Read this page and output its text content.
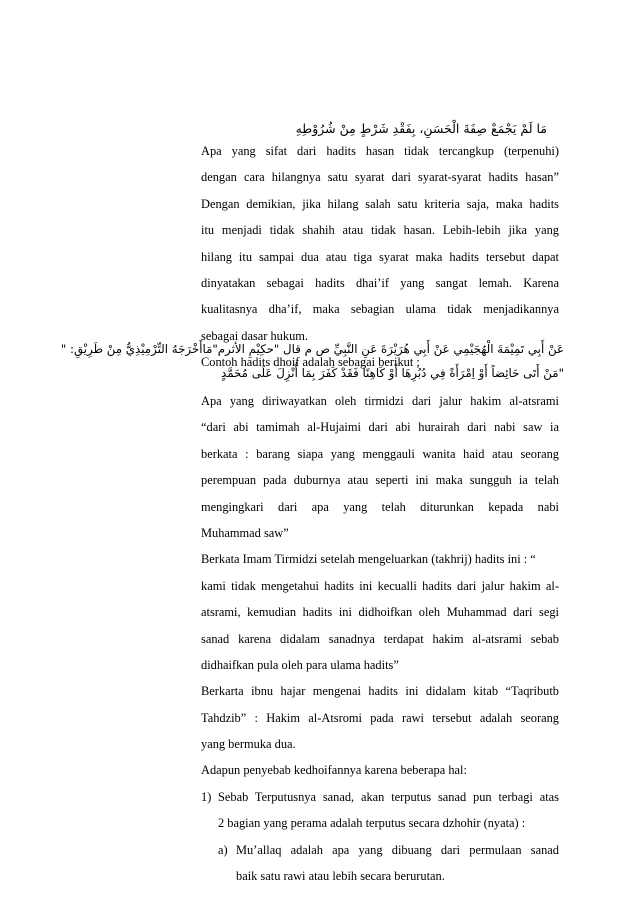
مَا لَمْ يَجْمَعْ صِفَةَ الْحَسَنِ، بِفَقْدِ شَرْطٍ مِنْ شُرُوْطِهِ
Apa yang sifat dari hadits hasan tidak tercangkup (terpenuhi)
dengan cara hilangnya satu syarat dari syarat-syarat hadits hasan”
Dengan demikian, jika hilang salah satu kriteria saja, maka hadits
itu menjadi tidak shahih atau tidak hasan. Lebih-lebih jika yang
hilang itu sampai dua atau tiga syarat maka hadits tersebut dapat
dinyatakan sebagai hadits dhai’if yang sangat lemah. Karena
kualitasnya dha’if, maka sebagian ulama tidak menjadikannya
sebagai dasar hukum.
Contoh hadits dhoif adalah sebagai berikut ;
عَنْ أَبِي تَمِيْمَةَ الْهُجَيْمِي عَنْ أَبِي هُرَيْرَةَ عَنِ النَّبِيِّ ص م قال "حكِيْمِ الأثرم"مَاأَخْرَجَهُ التِّرْمِيْذِيُّ مِنْ طَرِيْقِ: "
"مَنْ أَتَى حَائِضاً أَوْ اِمْرَأَةً فِي دُبُرِهَا أَوْ كَاهِنًا فَقَدْ كَفَرَ بِمَا أُنْزِلَ عَلَى مُحَمَّدٍ
Apa yang diriwayatkan oleh tirmidzi dari jalur hakim al-atsrami
“dari abi tamimah al-Hujaimi dari abi hurairah dari nabi saw ia
berkata : barang siapa yang menggauli wanita haid atau seorang
perempuan pada duburnya atau seperti ini maka sungguh ia telah
mengingkari dari apa yang telah diturunkan kepada nabi
Muhammad saw”
Berkata Imam Tirmidzi setelah mengeluarkan (takhrij) hadits ini : “
kami tidak mengetahui hadits ini kecualli hadits dari jalur hakim al-
atsrami, kemudian hadits ini didhoifkan oleh Muhammad dari segi
sanad karena didalam sanadnya terdapat hakim al-atsrami sebab
didhaifkan pula oleh para ulama hadits”
Berkarta ibnu hajar mengenai hadits ini didalam kitab “Taqributb
Tahdzib” : Hakim al-Atsromi pada rawi tersebut adalah seorang
yang bermuka dua.
Adapun penyebab kedhoifannya karena beberapa hal:
1) Sebab Terputusnya sanad, akan terputus sanad pun terbagi atas
2 bagian yang perama adalah terputus secara dzhohir (nyata) :
a) Mu’allaq adalah apa yang dibuang dari permulaan sanad
baik satu rawi atau lebih secara berurutan.
